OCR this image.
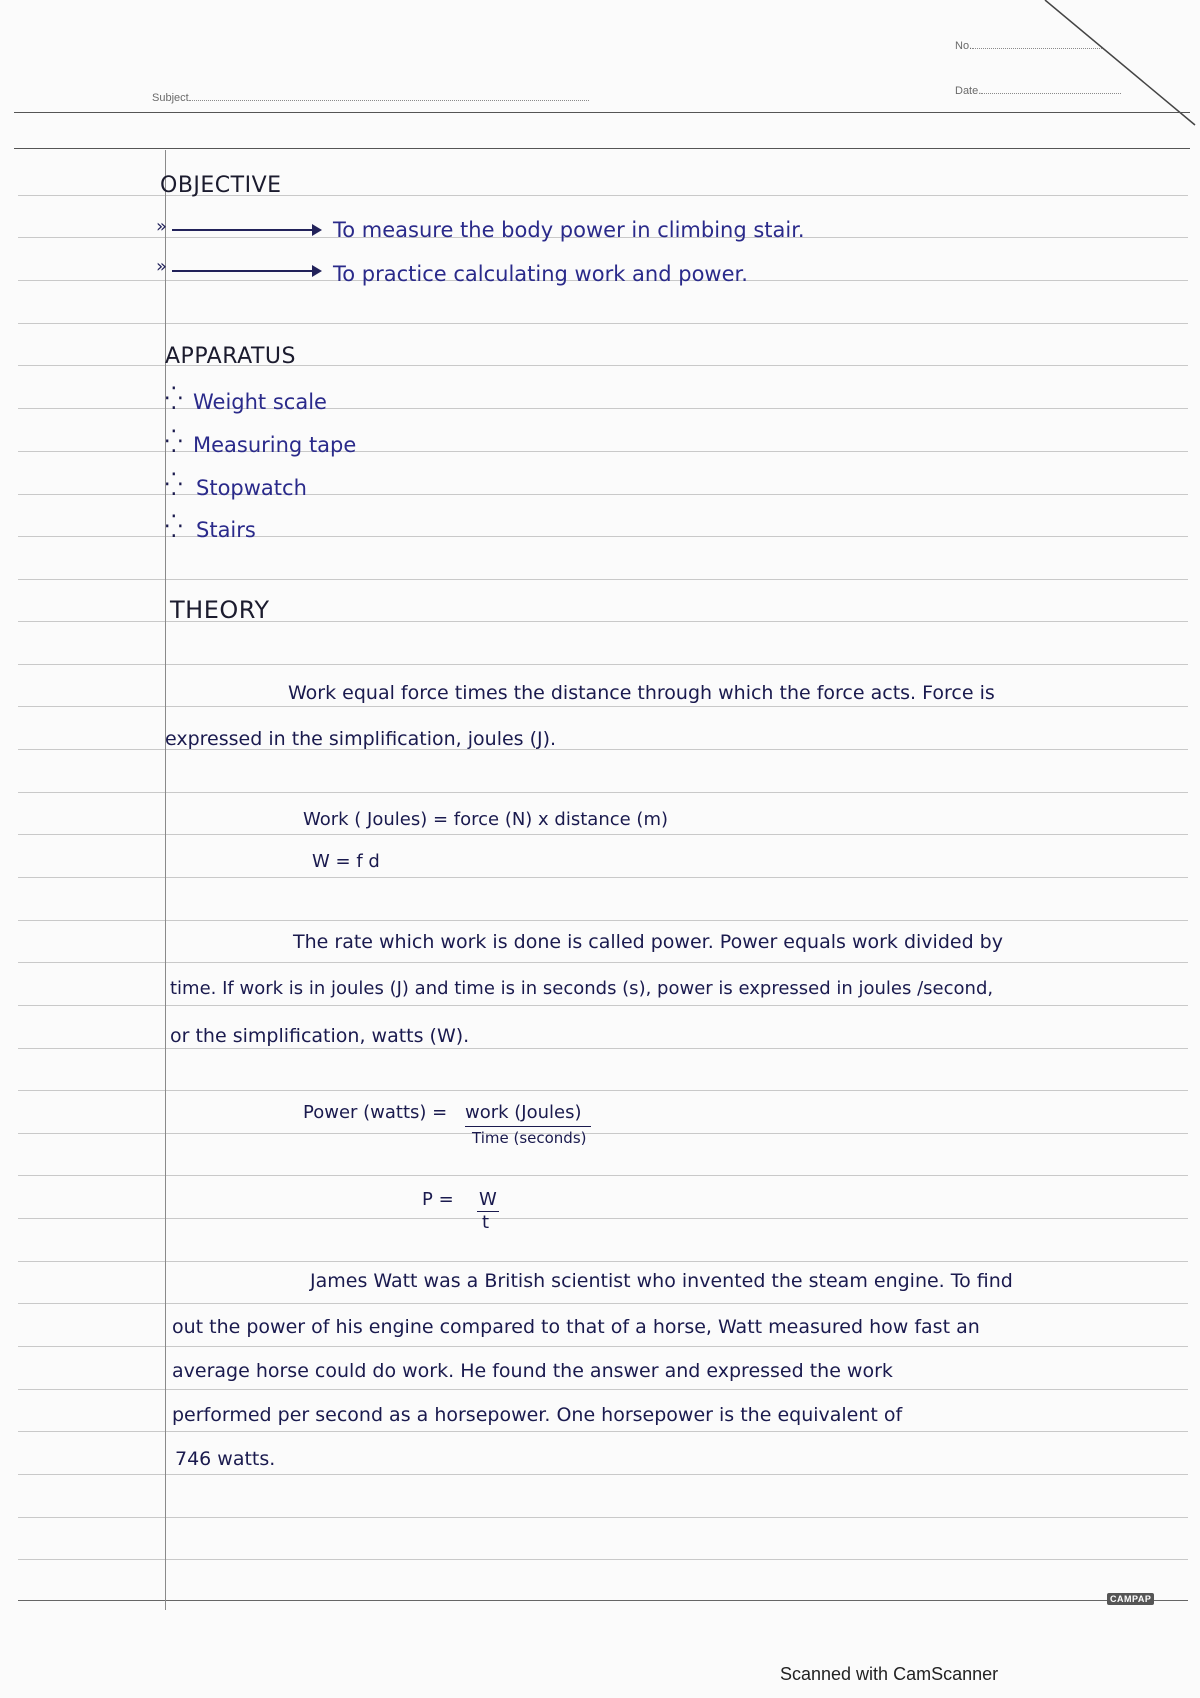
No.
Date.
Subject
OBJECTIVE
»	To measure the body power in climbing stair.
»	To practice calculating work and power.
APPARATUS
⁛ Weight scale
⁛ Measuring tape
⁛ Stopwatch
⁛ Stairs
THEORY
Work equal force times the distance through which the force acts. Force is
expressed in the simplification, joules (J).
Work ( Joules) = force (N) x distance (m)
W = f d
The rate which work is done is called power. Power equals work divided by
time. If work is in joules (J) and time is in seconds (s), power is expressed in joules /second,
or the simplification, watts (W).
Power (watts) = work (Joules)
Time (seconds)
P = W
t
James Watt was a British scientist who invented the steam engine. To find
out the power of his engine compared to that of a horse, Watt measured how fast an
average horse could do work. He found the answer and expressed the work
performed per second as a horsepower. One horsepower is the equivalent of
746 watts.
CAMPAP
Scanned with CamScanner
